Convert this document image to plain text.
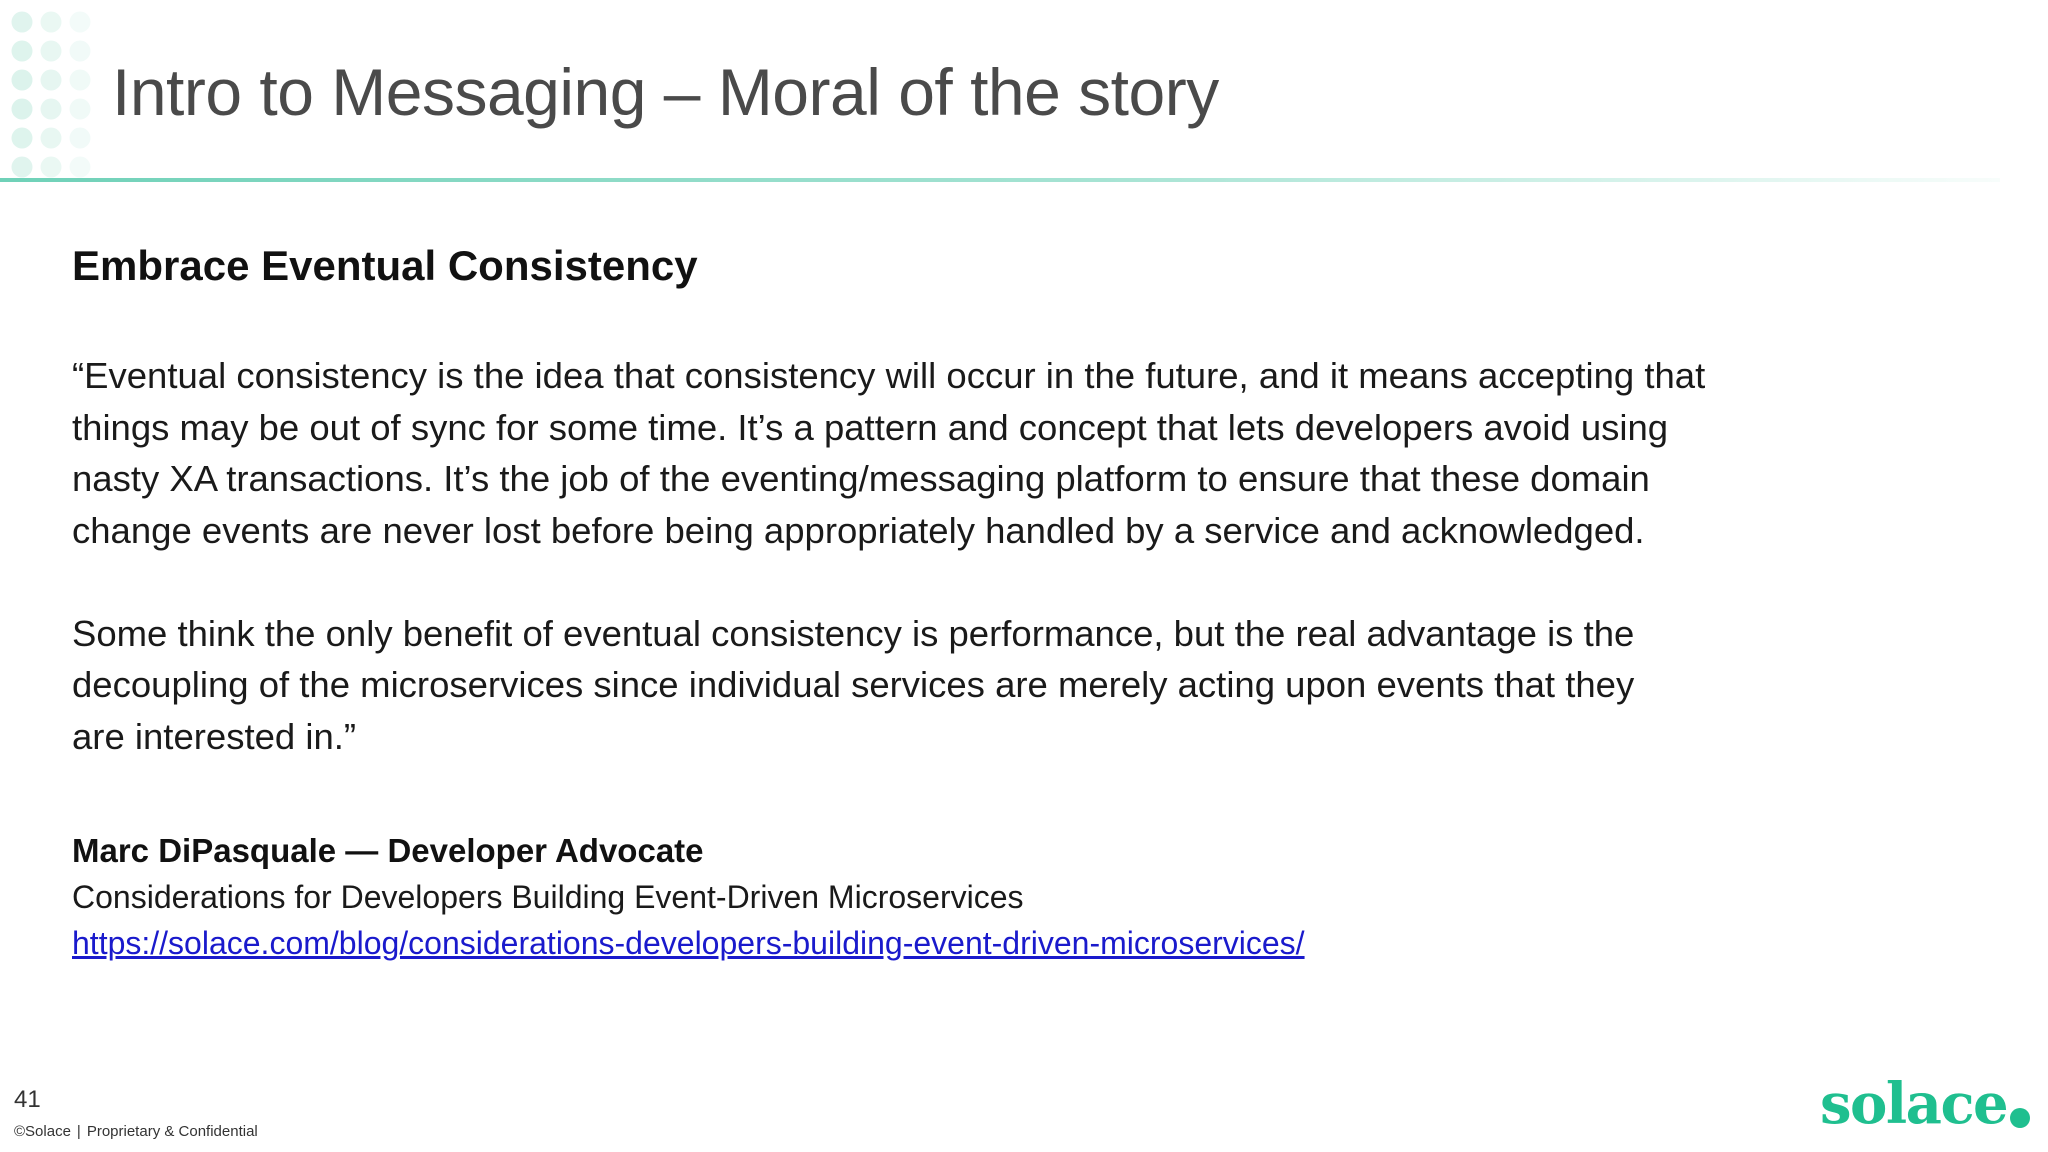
Intro to Messaging – Moral of the story
Embrace Eventual Consistency
“Eventual consistency is the idea that consistency will occur in the future, and it means accepting that
things may be out of sync for some time. It’s a pattern and concept that lets developers avoid using
nasty XA transactions. It’s the job of the eventing/messaging platform to ensure that these domain
change events are never lost before being appropriately handled by a service and acknowledged.
Some think the only benefit of eventual consistency is performance, but the real advantage is the
decoupling of the microservices since individual services are merely acting upon events that they
are interested in.”
Marc DiPasquale — Developer Advocate
Considerations for Developers Building Event-Driven Microservices
https://solace.com/blog/considerations-developers-building-event-driven-microservices/
41
©Solace | Proprietary & Confidential	solace
